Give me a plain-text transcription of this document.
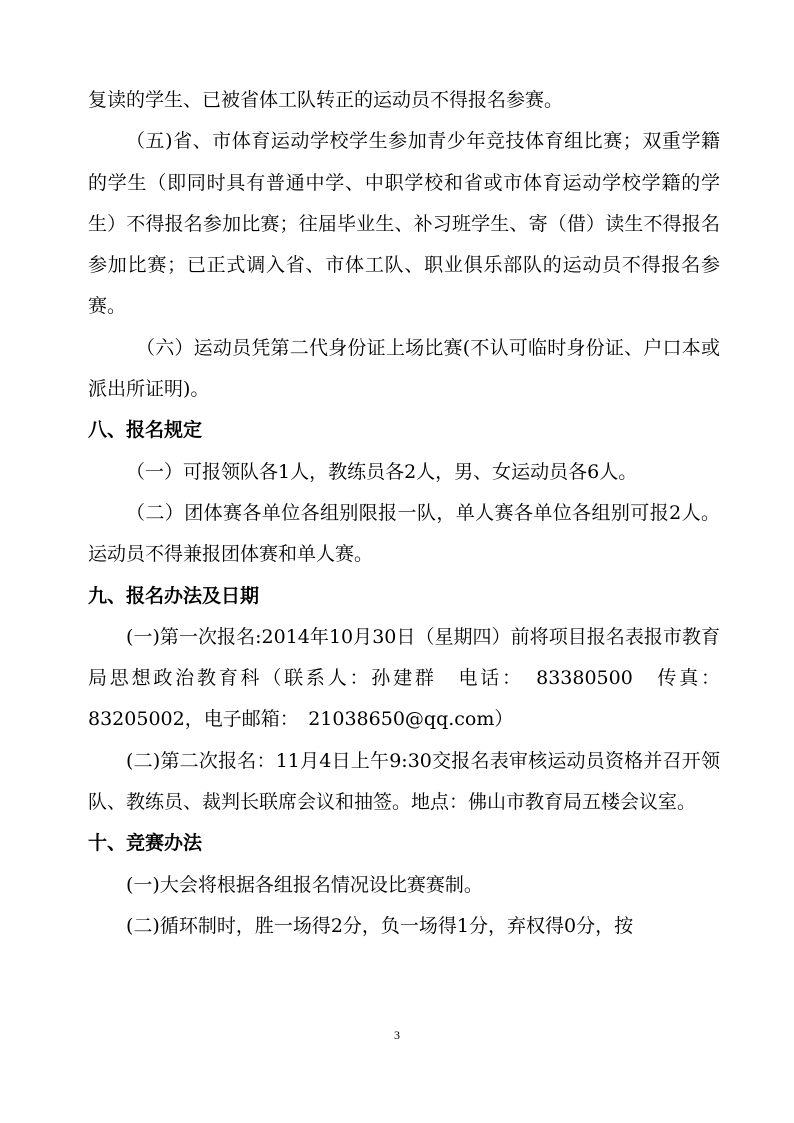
复读的学生、已被省体工队转正的运动员不得报名参赛。

（五)省、市体育运动学校学生参加青少年竞技体育组比赛；双重学籍的学生（即同时具有普通中学、中职学校和省或市体育运动学校学籍的学生）不得报名参加比赛；往届毕业生、补习班学生、寄（借）读生不得报名参加比赛；已正式调入省、市体工队、职业俱乐部队的运动员不得报名参赛。

（六）运动员凭第二代身份证上场比赛(不认可临时身份证、户口本或派出所证明)。

八、报名规定

（一）可报领队各1人，教练员各2人，男、女运动员各6人。

（二）团体赛各单位各组别限报一队，单人赛各单位各组别可报2人。运动员不得兼报团体赛和单人赛。

九、报名办法及日期

(一)第一次报名:2014年10月30日（星期四）前将项目报名表报市教育局思想政治教育科（联系人：孙建群　电话：　83380500　传真：83205002，电子邮箱：　21038650@qq.com）

(二)第二次报名：11月4日上午9:30交报名表审核运动员资格并召开领队、教练员、裁判长联席会议和抽签。地点：佛山市教育局五楼会议室。

十、竞赛办法

(一)大会将根据各组报名情况设比赛赛制。

(二)循环制时，胜一场得2分，负一场得1分，弃权得0分，按

3
